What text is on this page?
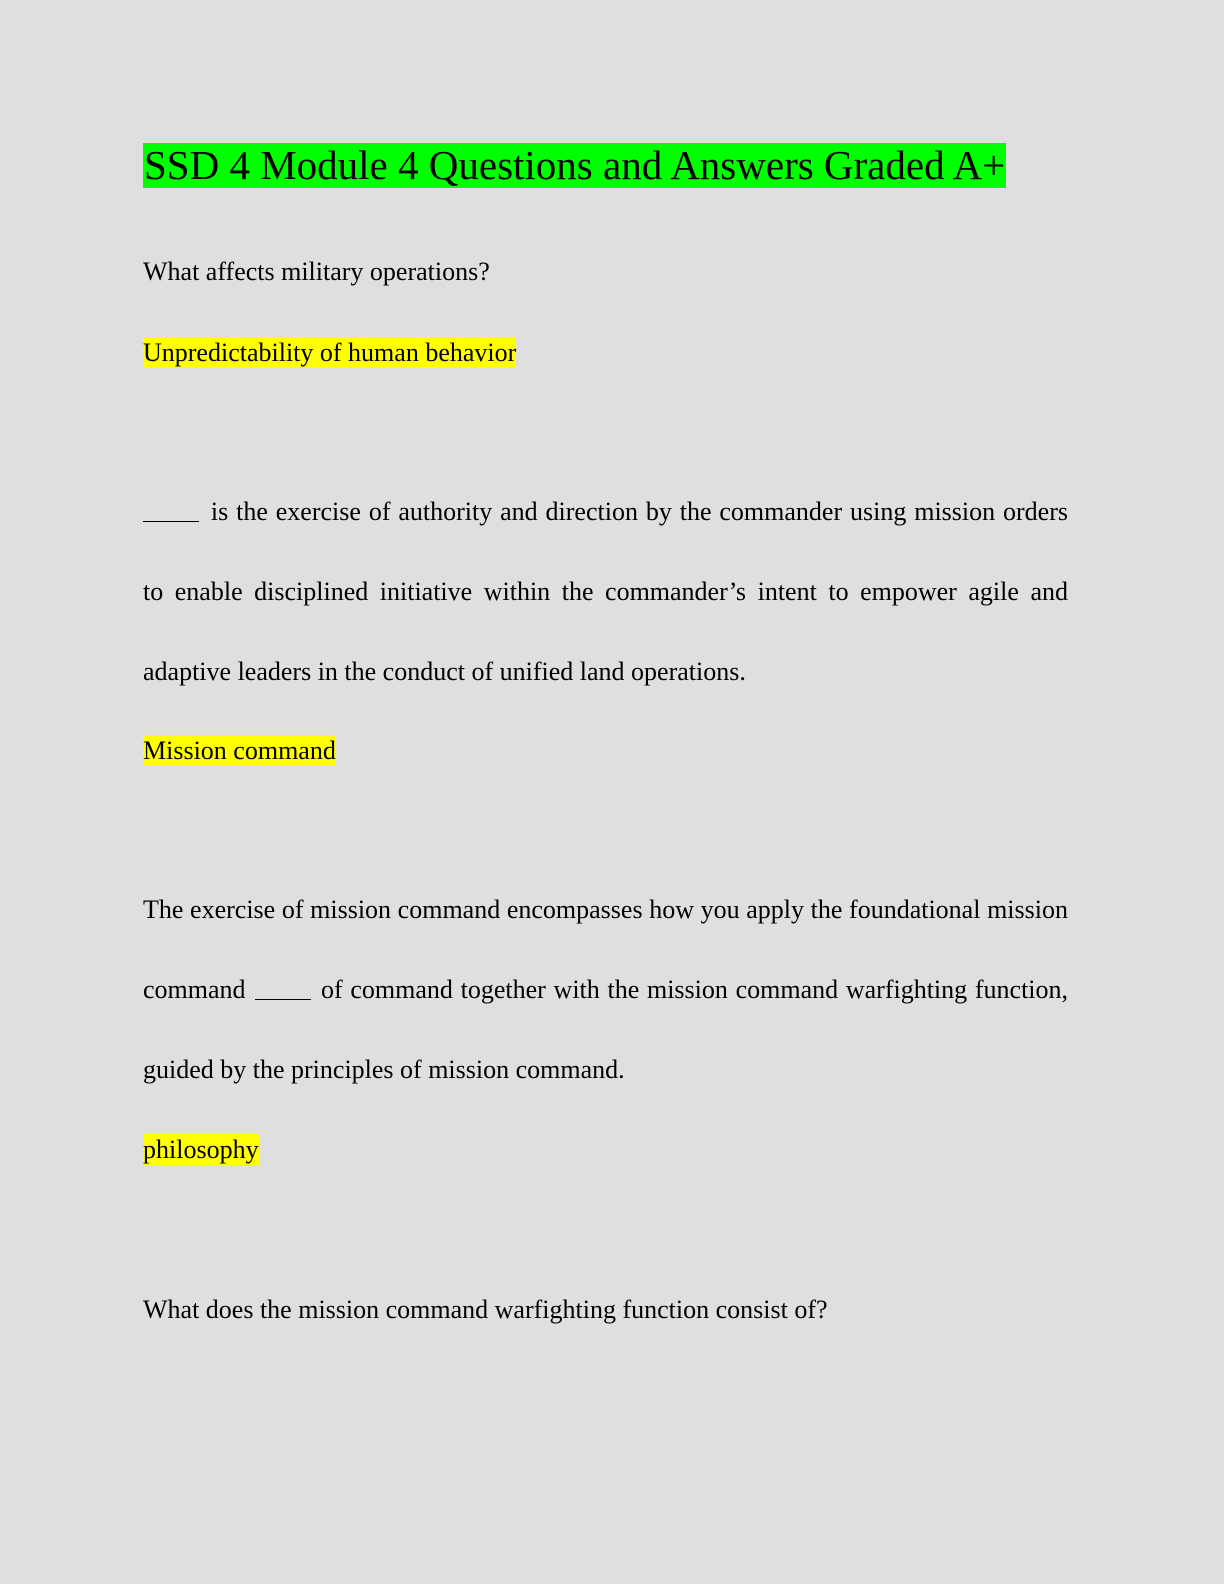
SSD 4 Module 4 Questions and Answers Graded A+
What affects military operations?
Unpredictability of human behavior
is the exercise of authority and direction by the commander using mission orders to enable disciplined initiative within the commander’s intent to empower agile and adaptive leaders in the conduct of unified land operations.
Mission command
The exercise of mission command encompasses how you apply the foundational mission command	of command together with the mission command warfighting function, guided by the principles of mission command.
philosophy
What does the mission command warfighting function consist of?
